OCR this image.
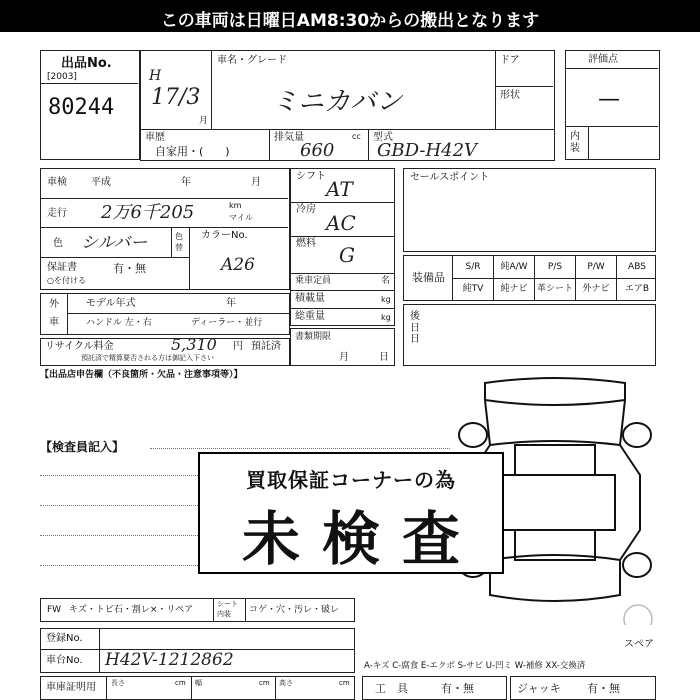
この車両は日曜日AM8:30からの搬出となります
出品No.
[2003]
80244
H
17/3
月
車名・グレード
ミニカバン
ドア
形状
車歴
自家用・(　　)
排気量	cc
660
型式
GBD-H42V
評価点
—
内装
車検 平成	年	月
走行 2万6千205	km
マイル
色 シルバー	色替
カラーNo.
A26
保証書	有・無
○を付ける
外
車
モデル年式	年
ハンドル 左・右	ディーラー・並行
リサイクル料金	5,310 円 預託済
預託済で精算要否される方は御記入下さい
【出品店申告欄（不良箇所・欠品・注意事項等）】
シフト
AT
冷房
AC
燃料 G
乗車定員	名
積載量	kg
総重量	kg
書類期限
月	日
セールスポイント
装備品
S/R	純A/W	P/S	P/W	ABS
純TV	純ナビ	革シート	外ナビ	エアB
後日
日
【検査員記入】
買取保証コーナーの為
未検査
FW キズ・トビ石・割レ×・リペア
シート
内装 コゲ・穴・汚レ・破レ
登録No.
車台No. H42V-1212862
車庫証明用 長さ	cm 幅	cm 高さ	cm
スペア
A-キズ C-腐食 E-エクボ S-サビ U-凹ミ W-補修 XX-交換済
工　具	有・無	ジャッキ 有・無
